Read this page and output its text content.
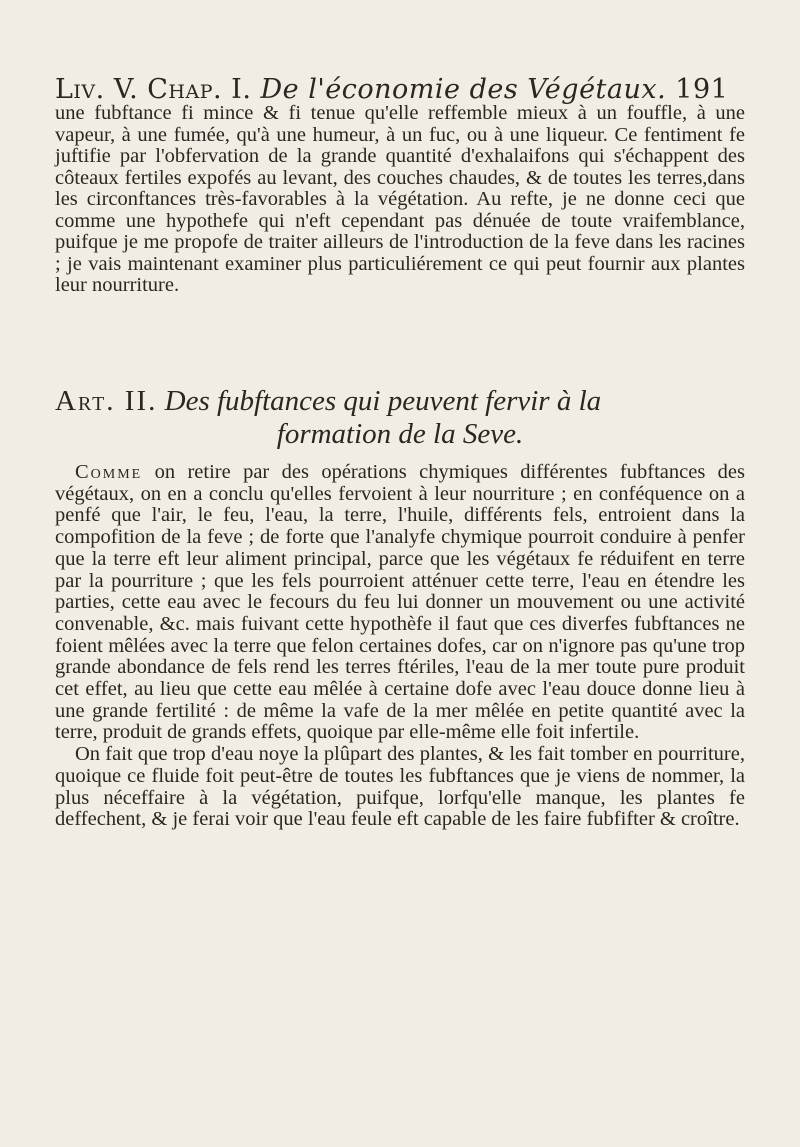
Liv. V. Chap. I. De l'économie des Végétaux. 191

une fubftance fi mince & fi tenue qu'elle reffemble mieux à un fouffle, à une vapeur, à une fumée, qu'à une humeur, à un fuc, ou à une liqueur. Ce fentiment fe juftifie par l'obfervation de la grande quantité d'exhalaifons qui s'échappent des côteaux fertiles expofés au levant, des couches chaudes, & de toutes les terres,dans les circonftances très-favorables à la végétation. Au refte, je ne donne ceci que comme une hypothefe qui n'eft cependant pas dénuée de toute vraifemblance, puifque je me propofe de traiter ailleurs de l'introduction de la feve dans les racines ; je vais maintenant examiner plus particuliérement ce qui peut fournir aux plantes leur nourriture.

Art. II. Des fubftances qui peuvent fervir à la
formation de la Seve.

Comme on retire par des opérations chymiques différentes fubftances des végétaux, on en a conclu qu'elles fervoient à leur nourriture ; en conféquence on a penfé que l'air, le feu, l'eau, la terre, l'huile, différents fels, entroient dans la compofition de la feve ; de forte que l'analyfe chymique pourroit conduire à penfer que la terre eft leur aliment principal, parce que les végétaux fe réduifent en terre par la pourriture ; que les fels pourroient atténuer cette terre, l'eau en étendre les parties, cette eau avec le fecours du feu lui donner un mouvement ou une activité convenable, &c. mais fuivant cette hypothèfe il faut que ces diverfes fubftances ne foient mêlées avec la terre que felon certaines dofes, car on n'ignore pas qu'une trop grande abondance de fels rend les terres ftériles, l'eau de la mer toute pure produit cet effet, au lieu que cette eau mêlée à certaine dofe avec l'eau douce donne lieu à une grande fertilité : de même la vafe de la mer mêlée en petite quantité avec la terre, produit de grands effets, quoique par elle-même elle foit infertile.

On fait que trop d'eau noye la plûpart des plantes, & les fait tomber en pourriture, quoique ce fluide foit peut-être de toutes les fubftances que je viens de nommer, la plus néceffaire à la végétation, puifque, lorfqu'elle manque, les plantes fe deffechent, & je ferai voir que l'eau feule eft capable de les faire fubfifter & croître.
